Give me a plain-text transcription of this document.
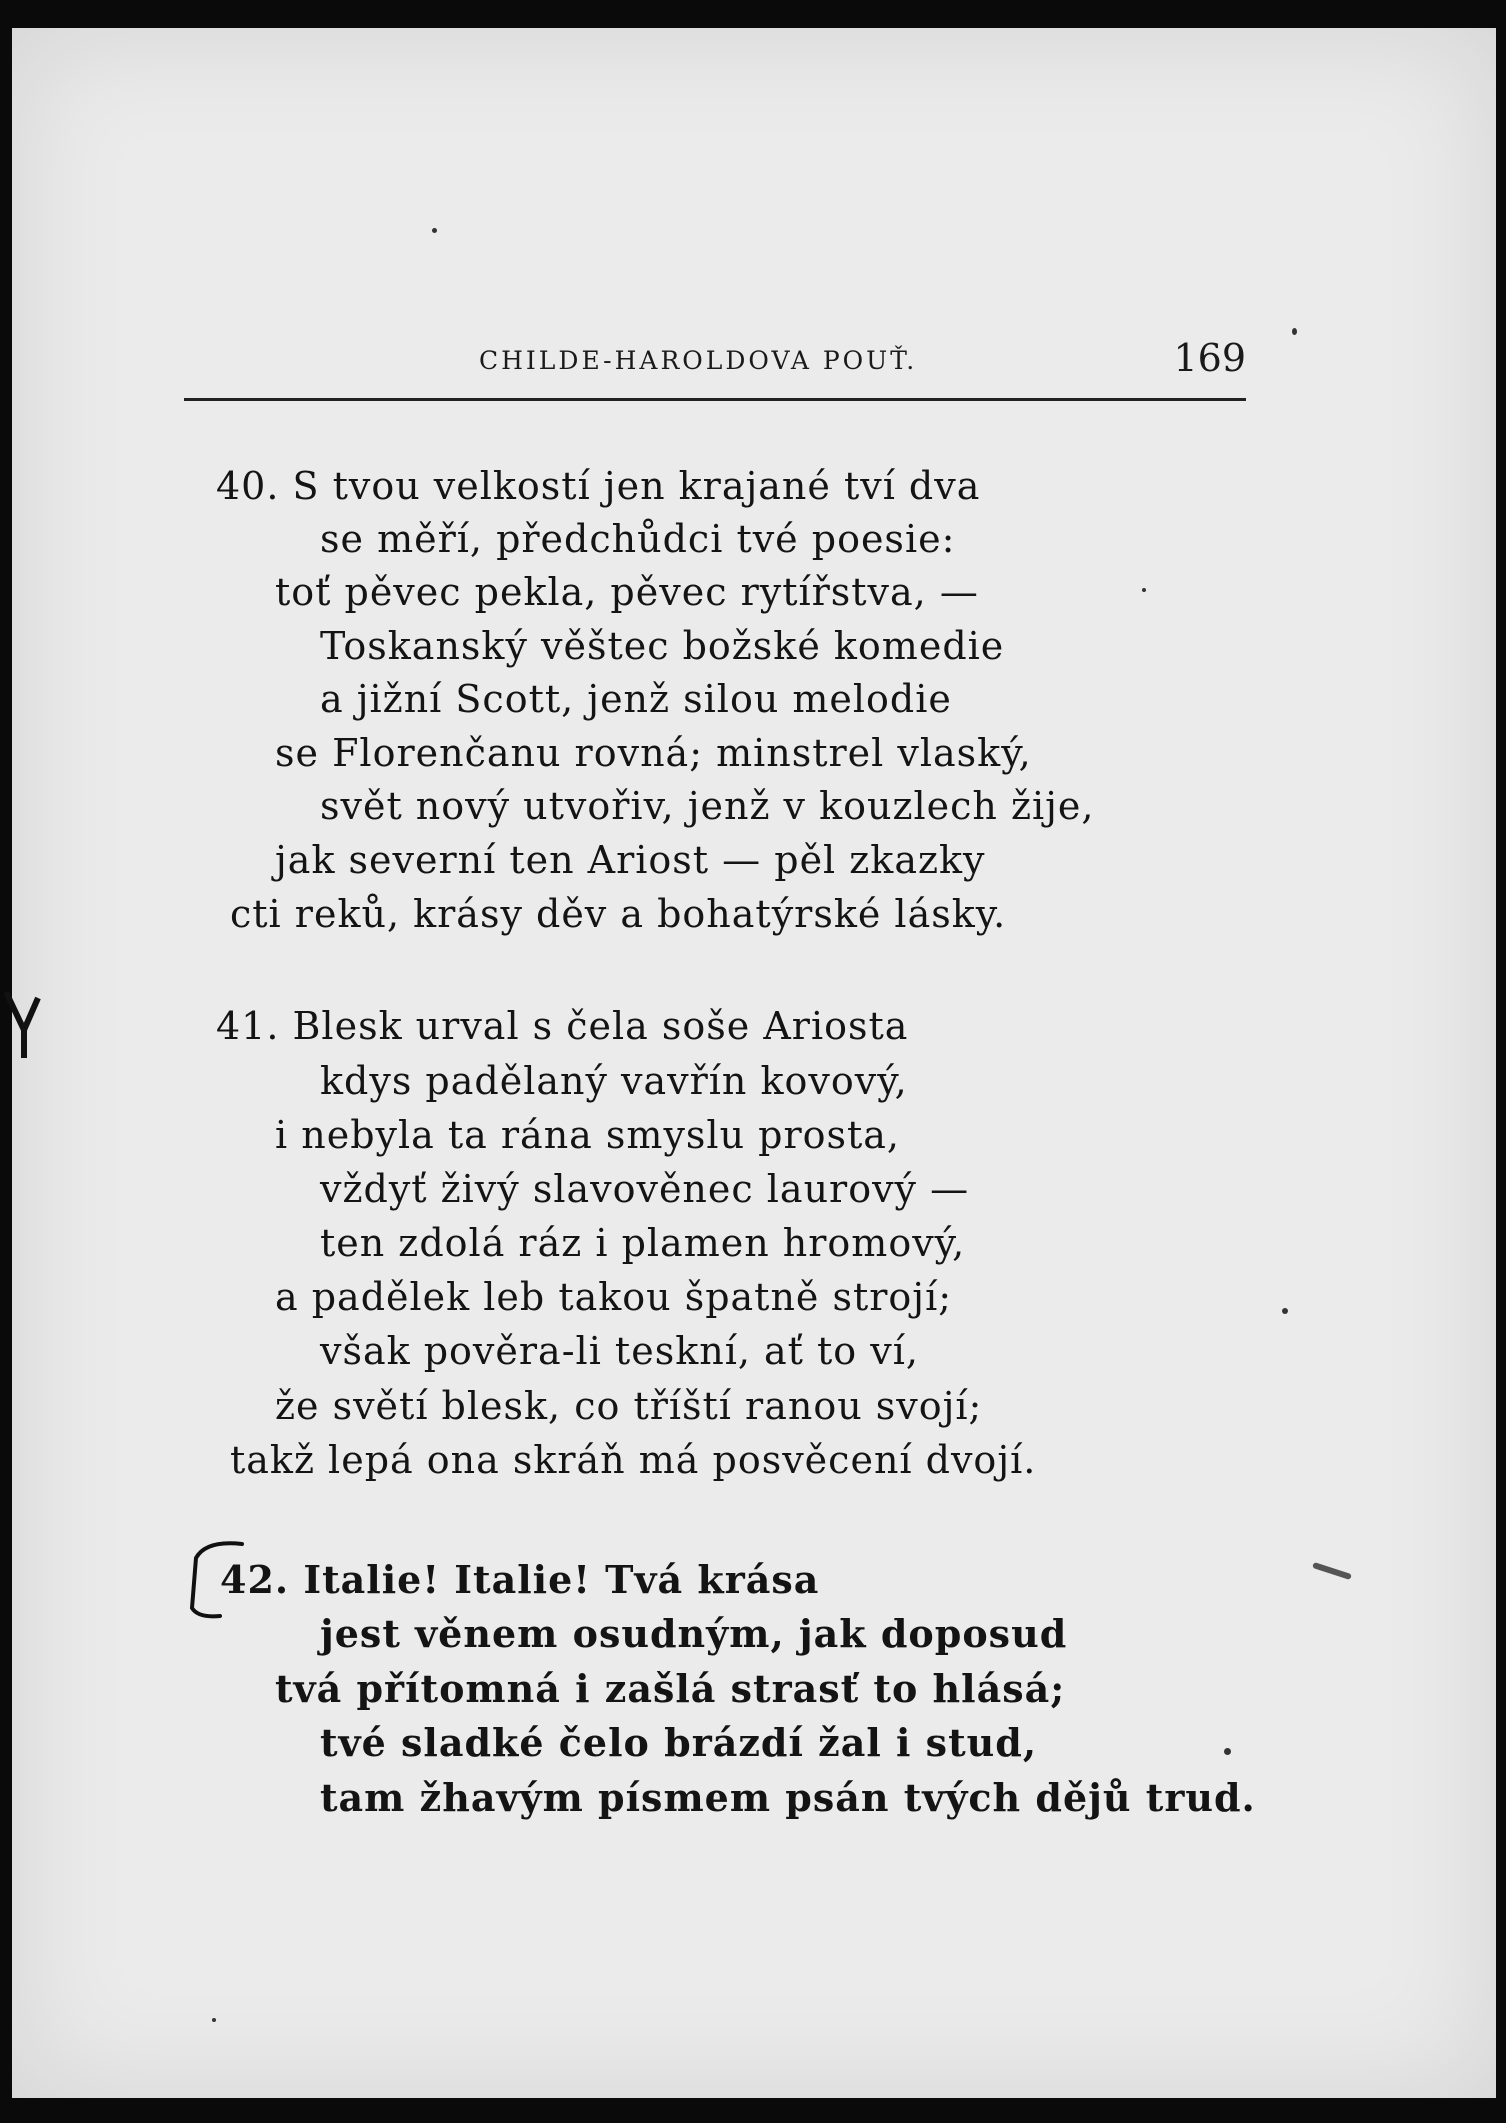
CHILDE-HAROLDOVA POUŤ.	169
40. S tvou velkostí jen krajané tví dva
se měří, předchůdci tvé poesie:
toť pěvec pekla, pěvec rytířstva, —
Toskanský věštec božské komedie
a jižní Scott, jenž silou melodie
se Florenčanu rovná; minstrel vlaský,
svět nový utvořiv, jenž v kouzlech žije,
jak severní ten Ariost — pěl zkazky
cti reků, krásy děv a bohatýrské lásky.
41. Blesk urval s čela soše Ariosta
kdys padělaný vavřín kovový,
i nebyla ta rána smyslu prosta,
vždyť živý slavověnec laurový —
ten zdolá ráz i plamen hromový,
a padělek leb takou špatně strojí;
však pověra-li teskní, ať to ví,
že světí blesk, co tříští ranou svojí;
takž lepá ona skráň má posvěcení dvojí.
42. Italie! Italie! Tvá krása
jest věnem osudným, jak doposud
tvá přítomná i zašlá strasť to hlásá;
tvé sladké čelo brázdí žal i stud,
tam žhavým písmem psán tvých dějů trud.
